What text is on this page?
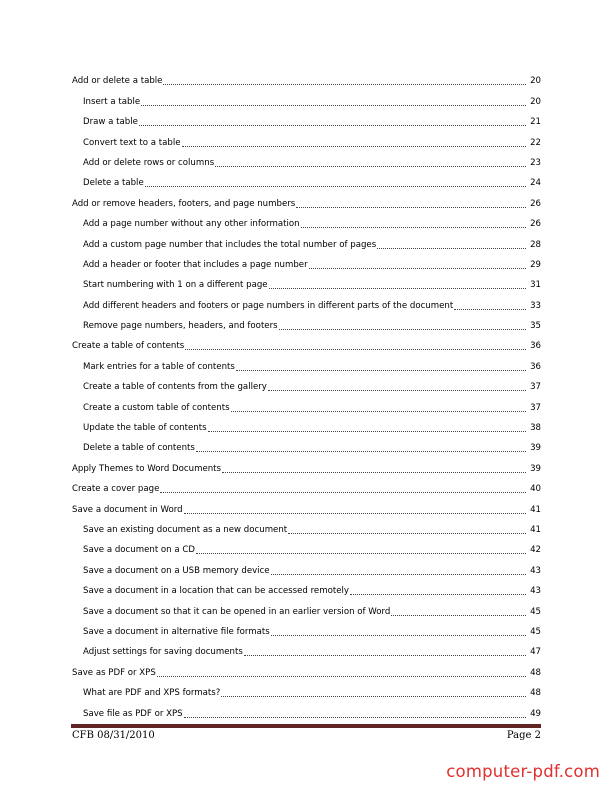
Add or delete a table	20
Insert a table	20
Draw a table	21
Convert text to a table	22
Add or delete rows or columns	23
Delete a table	24
Add or remove headers, footers, and page numbers	26
Add a page number without any other information	26
Add a custom page number that includes the total number of pages	28
Add a header or footer that includes a page number	29
Start numbering with 1 on a different page	31
Add different headers and footers or page numbers in different parts of the document	33
Remove page numbers, headers, and footers	35
Create a table of contents	36
Mark entries for a table of contents	36
Create a table of contents from the gallery	37
Create a custom table of contents	37
Update the table of contents	38
Delete a table of contents	39
Apply Themes to Word Documents	39
Create a cover page	40
Save a document in Word	41
Save an existing document as a new document	41
Save a document on a CD	42
Save a document on a USB memory device	43
Save a document in a location that can be accessed remotely	43
Save a document so that it can be opened in an earlier version of Word	45
Save a document in alternative file formats	45
Adjust settings for saving documents	47
Save as PDF or XPS	48
What are PDF and XPS formats?	48
Save file as PDF or XPS	49
CFB 08/31/2010	Page 2
computer-pdf.com
